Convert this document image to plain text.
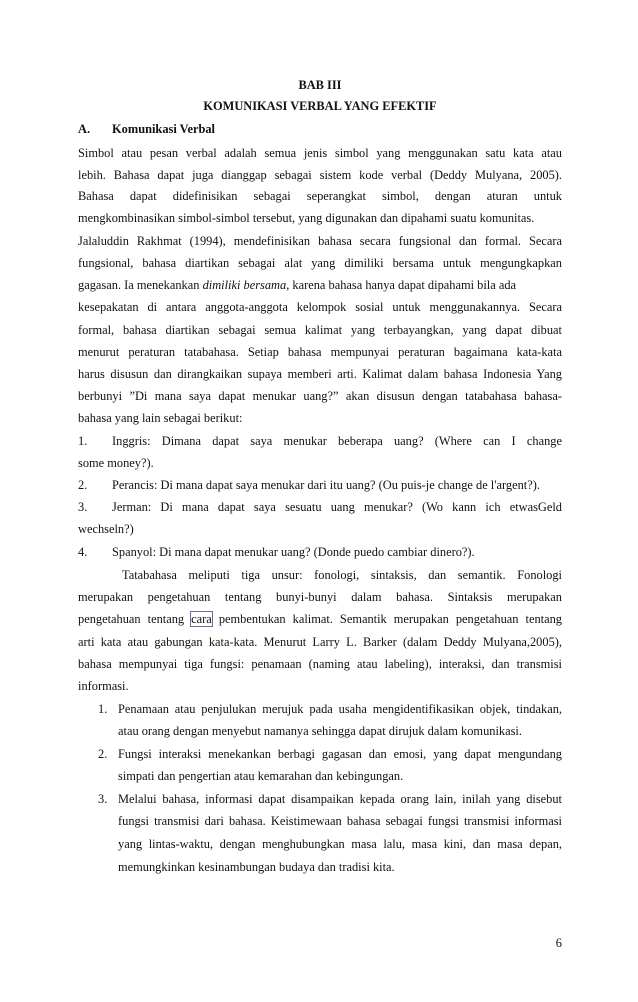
BAB III
KOMUNIKASI VERBAL YANG EFEKTIF
A. Komunikasi Verbal
Simbol atau pesan verbal adalah semua jenis simbol yang menggunakan satu kata atau
lebih. Bahasa dapat juga dianggap sebagai sistem kode verbal (Deddy Mulyana, 2005).
Bahasa dapat didefinisikan sebagai seperangkat simbol, dengan aturan untuk
mengkombinasikan simbol-simbol tersebut, yang digunakan dan dipahami suatu komunitas.
Jalaluddin Rakhmat (1994), mendefinisikan bahasa secara fungsional dan formal. Secara
fungsional, bahasa diartikan sebagai alat yang dimiliki bersama untuk mengungkapkan
gagasan. Ia menekankan dimiliki bersama, karena bahasa hanya dapat dipahami bila ada
kesepakatan di antara anggota-anggota kelompok sosial untuk menggunakannya. Secara
formal, bahasa diartikan sebagai semua kalimat yang terbayangkan, yang dapat dibuat
menurut peraturan tatabahasa. Setiap bahasa mempunyai peraturan bagaimana kata-kata
harus disusun dan dirangkaikan supaya memberi arti. Kalimat dalam bahasa Indonesia Yang
berbunyi ”Di mana saya dapat menukar uang?” akan disusun dengan tatabahasa bahasa-
bahasa yang lain sebagai berikut:
1. Inggris: Dimana dapat saya menukar beberapa uang? (Where can I change
some money?).
2. Perancis: Di mana dapat saya menukar dari itu uang? (Ou puis-je change de l'argent?).
3. Jerman: Di mana dapat saya sesuatu uang menukar? (Wo kann ich etwasGeld
wechseln?)
4. Spanyol: Di mana dapat menukar uang? (Donde puedo cambiar dinero?).
Tatabahasa meliputi tiga unsur: fonologi, sintaksis, dan semantik. Fonologi
merupakan pengetahuan tentang bunyi-bunyi dalam bahasa. Sintaksis merupakan
pengetahuan tentang cara pembentukan kalimat. Semantik merupakan pengetahuan tentang
arti kata atau gabungan kata-kata. Menurut Larry L. Barker (dalam Deddy Mulyana,2005),
bahasa mempunyai tiga fungsi: penamaan (naming atau labeling), interaksi, dan transmisi
informasi.
1. Penamaan atau penjulukan merujuk pada usaha mengidentifikasikan objek, tindakan,
atau orang dengan menyebut namanya sehingga dapat dirujuk dalam komunikasi.
2. Fungsi interaksi menekankan berbagi gagasan dan emosi, yang dapat mengundang
simpati dan pengertian atau kemarahan dan kebingungan.
3. Melalui bahasa, informasi dapat disampaikan kepada orang lain, inilah yang disebut
fungsi transmisi dari bahasa. Keistimewaan bahasa sebagai fungsi transmisi informasi
yang lintas-waktu, dengan menghubungkan masa lalu, masa kini, dan masa depan,
memungkinkan kesinambungan budaya dan tradisi kita.
6
